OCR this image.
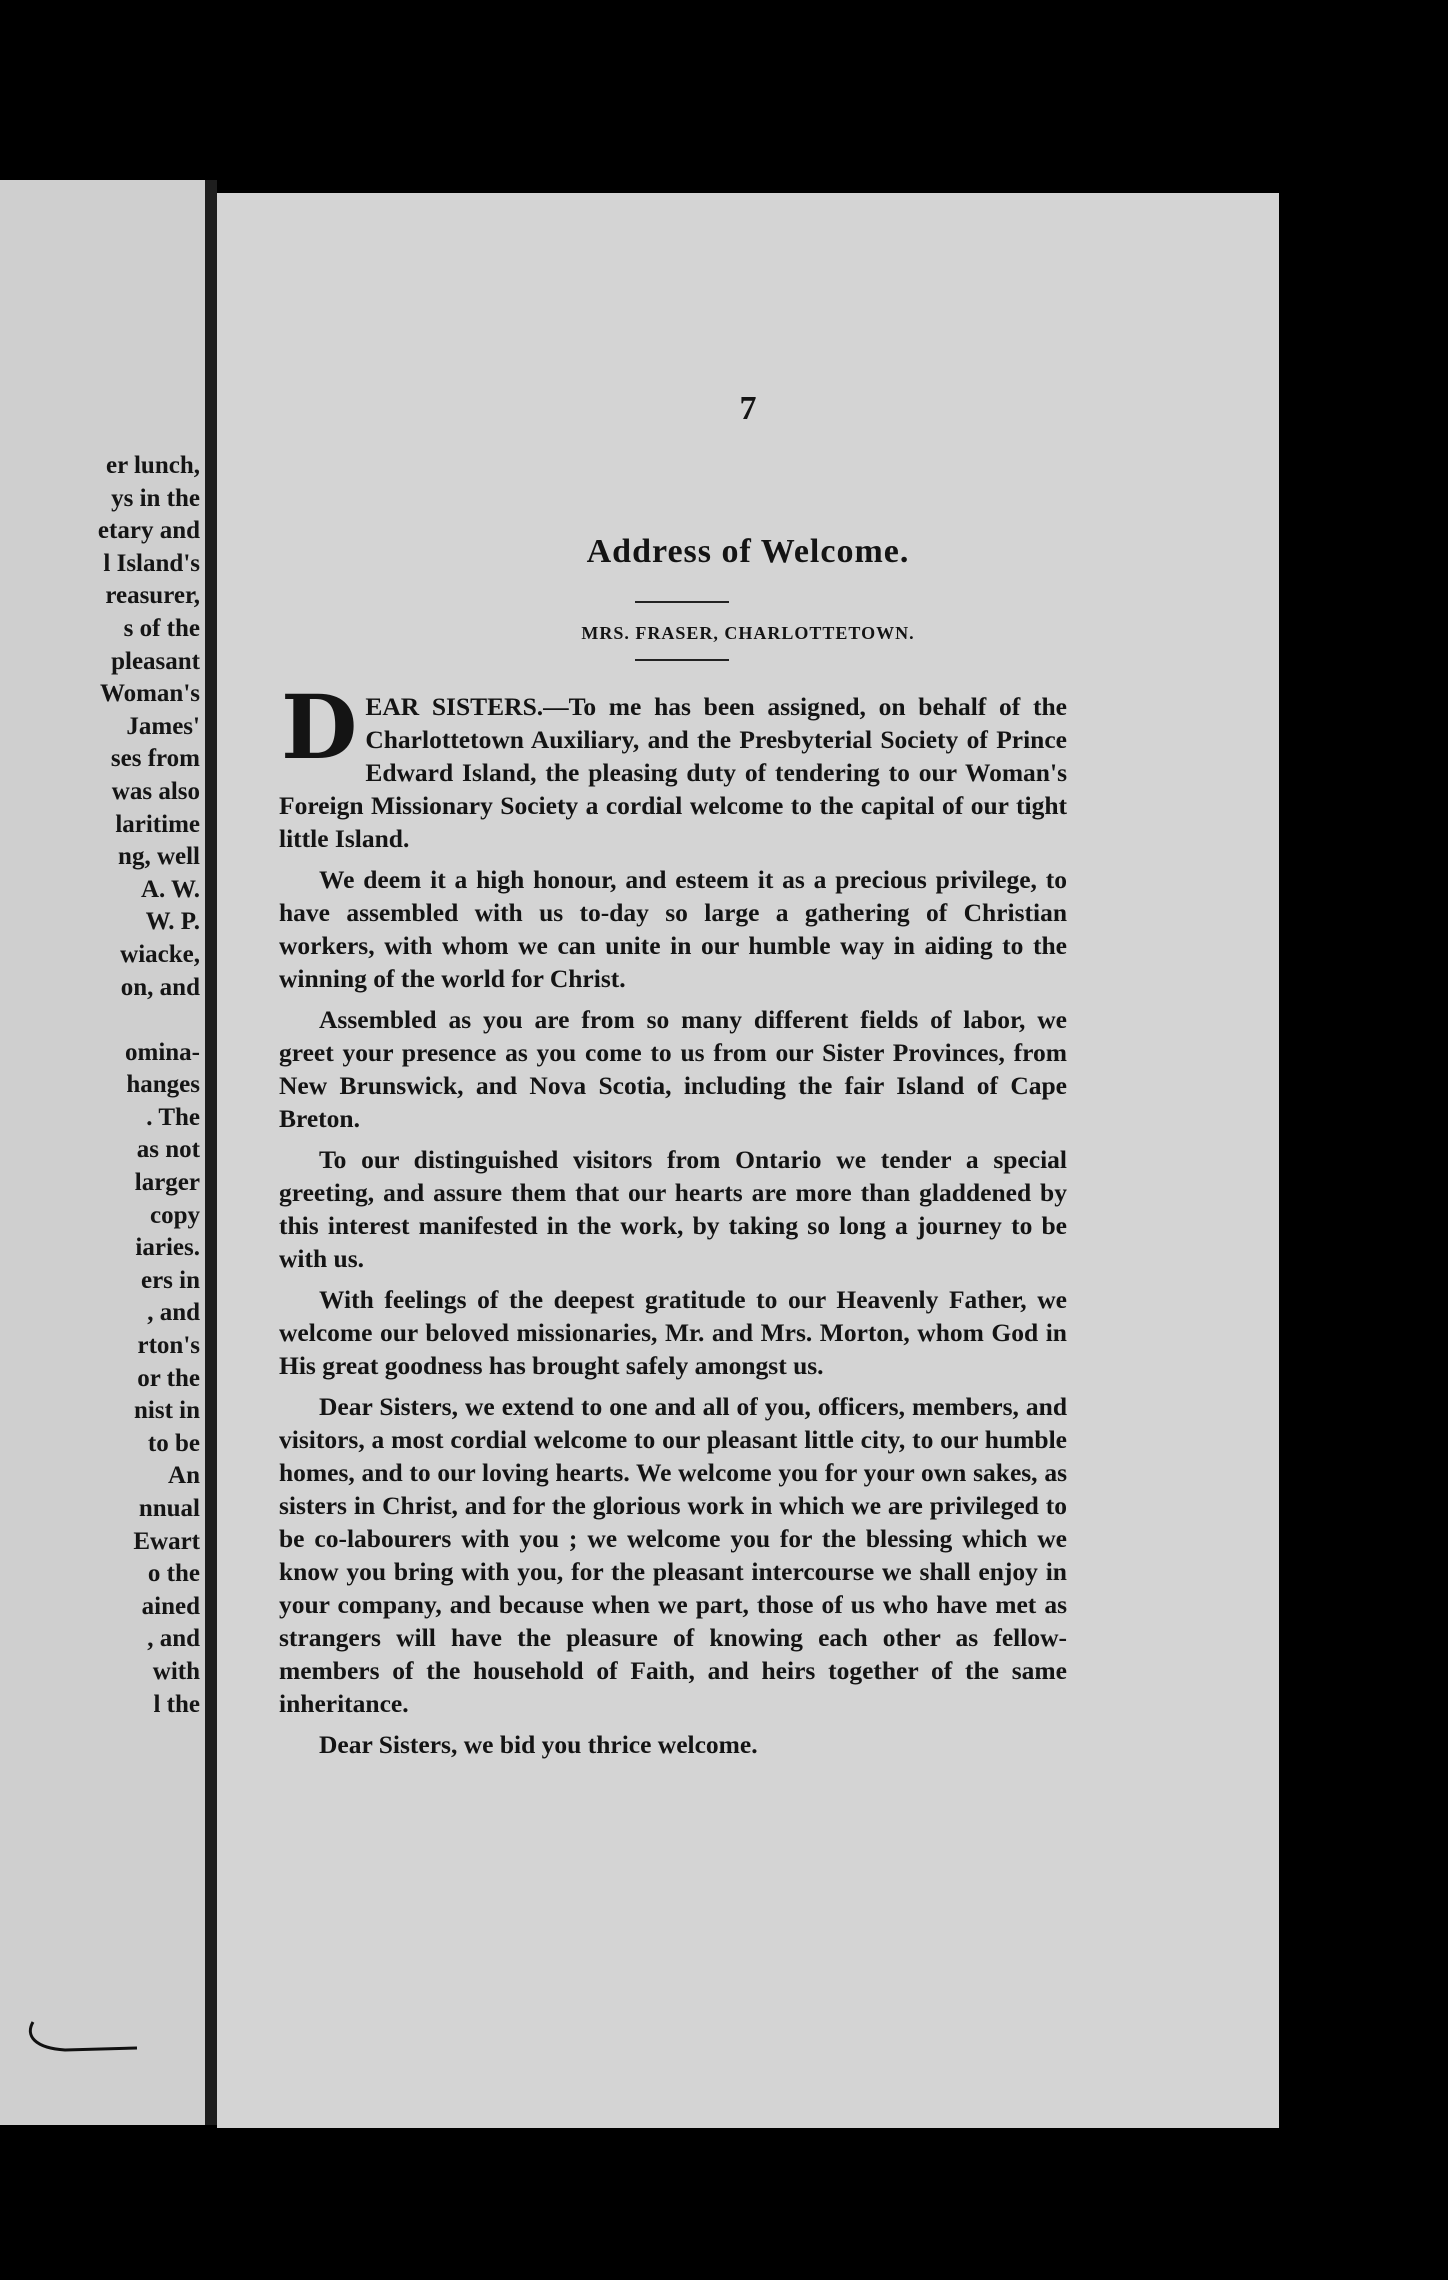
er lunch,
ys in the
etary and
l Island's
reasurer,
s of the
pleasant
Woman's
James'
ses from
was also
laritime
ng, well
A. W.
W. P.
wiacke,
on, and

omina-
hanges
. The
as not
larger
copy
iaries.
ers in
, and
rton's
or the
nist in
to be
An
nnual
Ewart
o the
ained
, and
with
l the
7
Address of Welcome.
MRS. FRASER, CHARLOTTETOWN.

DEAR SISTERS.—To me has been assigned, on behalf of the Charlottetown Auxiliary, and the Presbyterial Society of Prince Edward Island, the pleasing duty of tendering to our Woman's Foreign Missionary Society a cordial welcome to the capital of our tight little Island.

We deem it a high honour, and esteem it as a precious privilege, to have assembled with us to-day so large a gathering of Christian workers, with whom we can unite in our humble way in aiding to the winning of the world for Christ.

Assembled as you are from so many different fields of labor, we greet your presence as you come to us from our Sister Provinces, from New Brunswick, and Nova Scotia, including the fair Island of Cape Breton.

To our distinguished visitors from Ontario we tender a special greeting, and assure them that our hearts are more than gladdened by this interest manifested in the work, by taking so long a journey to be with us.

With feelings of the deepest gratitude to our Heavenly Father, we welcome our beloved missionaries, Mr. and Mrs. Morton, whom God in His great goodness has brought safely amongst us.

Dear Sisters, we extend to one and all of you, officers, members, and visitors, a most cordial welcome to our pleasant little city, to our humble homes, and to our loving hearts. We welcome you for your own sakes, as sisters in Christ, and for the glorious work in which we are privileged to be co-labourers with you ; we welcome you for the blessing which we know you bring with you, for the pleasant intercourse we shall enjoy in your company, and because when we part, those of us who have met as strangers will have the pleasure of knowing each other as fellow-members of the household of Faith, and heirs together of the same inheritance.

Dear Sisters, we bid you thrice welcome.
